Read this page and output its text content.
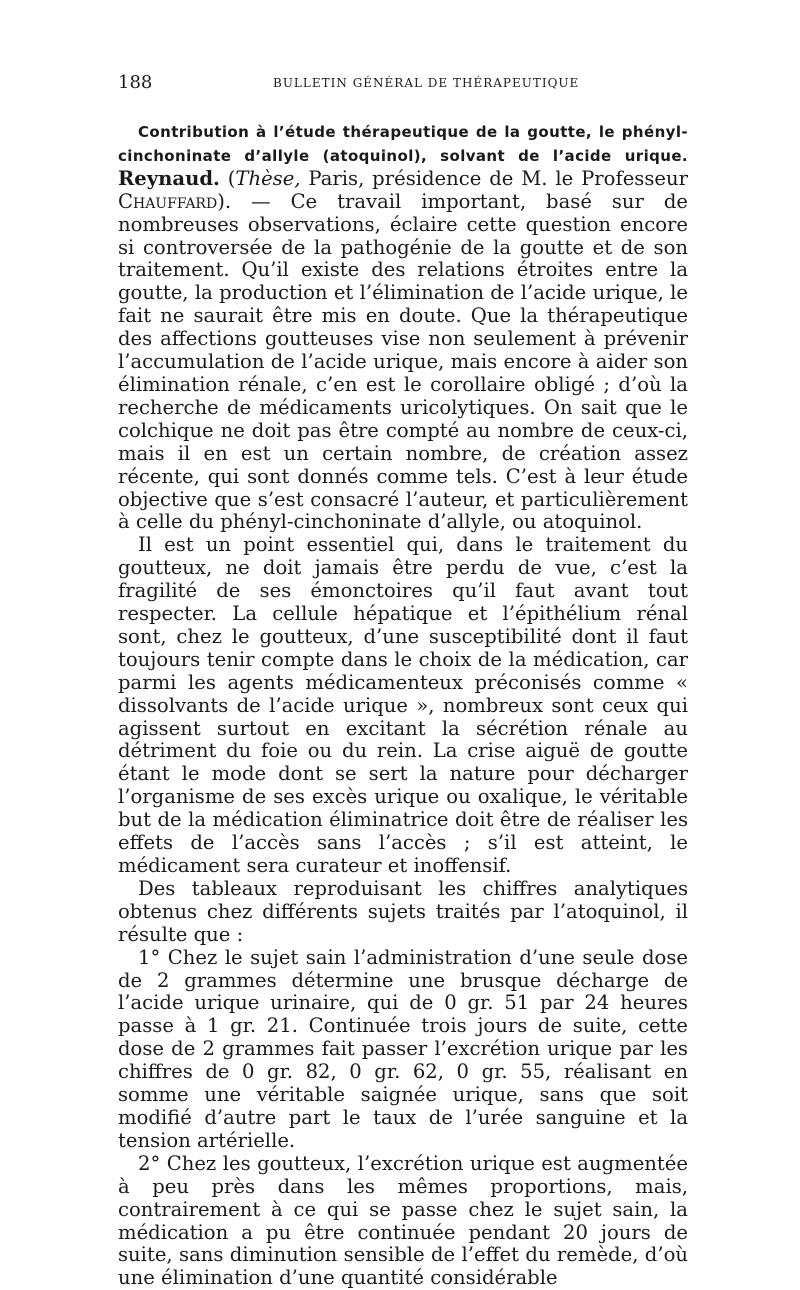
188	BULLETIN GÉNÉRAL DE THÉRAPEUTIQUE

Contribution à l’étude thérapeutique de la goutte, le phényl-cinchoninate d’allyle (atoquinol), solvant de l’acide urique. Reynaud. (Thèse, Paris, présidence de M. le Professeur Chauffard). — Ce travail important, basé sur de nombreuses observations, éclaire cette question encore si controversée de la pathogénie de la goutte et de son traitement. Qu’il existe des relations étroites entre la goutte, la production et l’élimination de l’acide urique, le fait ne saurait être mis en doute. Que la thérapeutique des affections goutteuses vise non seulement à prévenir l’accumulation de l’acide urique, mais encore à aider son élimination rénale, c’en est le corollaire obligé ; d’où la recherche de médicaments uricolytiques. On sait que le colchique ne doit pas être compté au nombre de ceux-ci, mais il en est un certain nombre, de création assez récente, qui sont donnés comme tels. C’est à leur étude objective que s’est consacré l’auteur, et particulièrement à celle du phényl-cinchoninate d’allyle, ou atoquinol.

Il est un point essentiel qui, dans le traitement du goutteux, ne doit jamais être perdu de vue, c’est la fragilité de ses émonctoires qu’il faut avant tout respecter. La cellule hépatique et l’épithélium rénal sont, chez le goutteux, d’une susceptibilité dont il faut toujours tenir compte dans le choix de la médication, car parmi les agents médicamenteux préconisés comme « dissolvants de l’acide urique », nombreux sont ceux qui agissent surtout en excitant la sécrétion rénale au détriment du foie ou du rein. La crise aiguë de goutte étant le mode dont se sert la nature pour décharger l’organisme de ses excès urique ou oxalique, le véritable but de la médication éliminatrice doit être de réaliser les effets de l’accès sans l’accès ; s’il est atteint, le médicament sera curateur et inoffensif.

Des tableaux reproduisant les chiffres analytiques obtenus chez différents sujets traités par l’atoquinol, il résulte que :

1° Chez le sujet sain l’administration d’une seule dose de 2 grammes détermine une brusque décharge de l’acide urique urinaire, qui de 0 gr. 51 par 24 heures passe à 1 gr. 21. Continuée trois jours de suite, cette dose de 2 grammes fait passer l’excrétion urique par les chiffres de 0 gr. 82, 0 gr. 62, 0 gr. 55, réalisant en somme une véritable saignée urique, sans que soit modifié d’autre part le taux de l’urée sanguine et la tension artérielle.

2° Chez les goutteux, l’excrétion urique est augmentée à peu près dans les mêmes proportions, mais, contrairement à ce qui se passe chez le sujet sain, la médication a pu être continuée pendant 20 jours de suite, sans diminution sensible de l’effet du remède, d’où une élimination d’une quantité considérable
